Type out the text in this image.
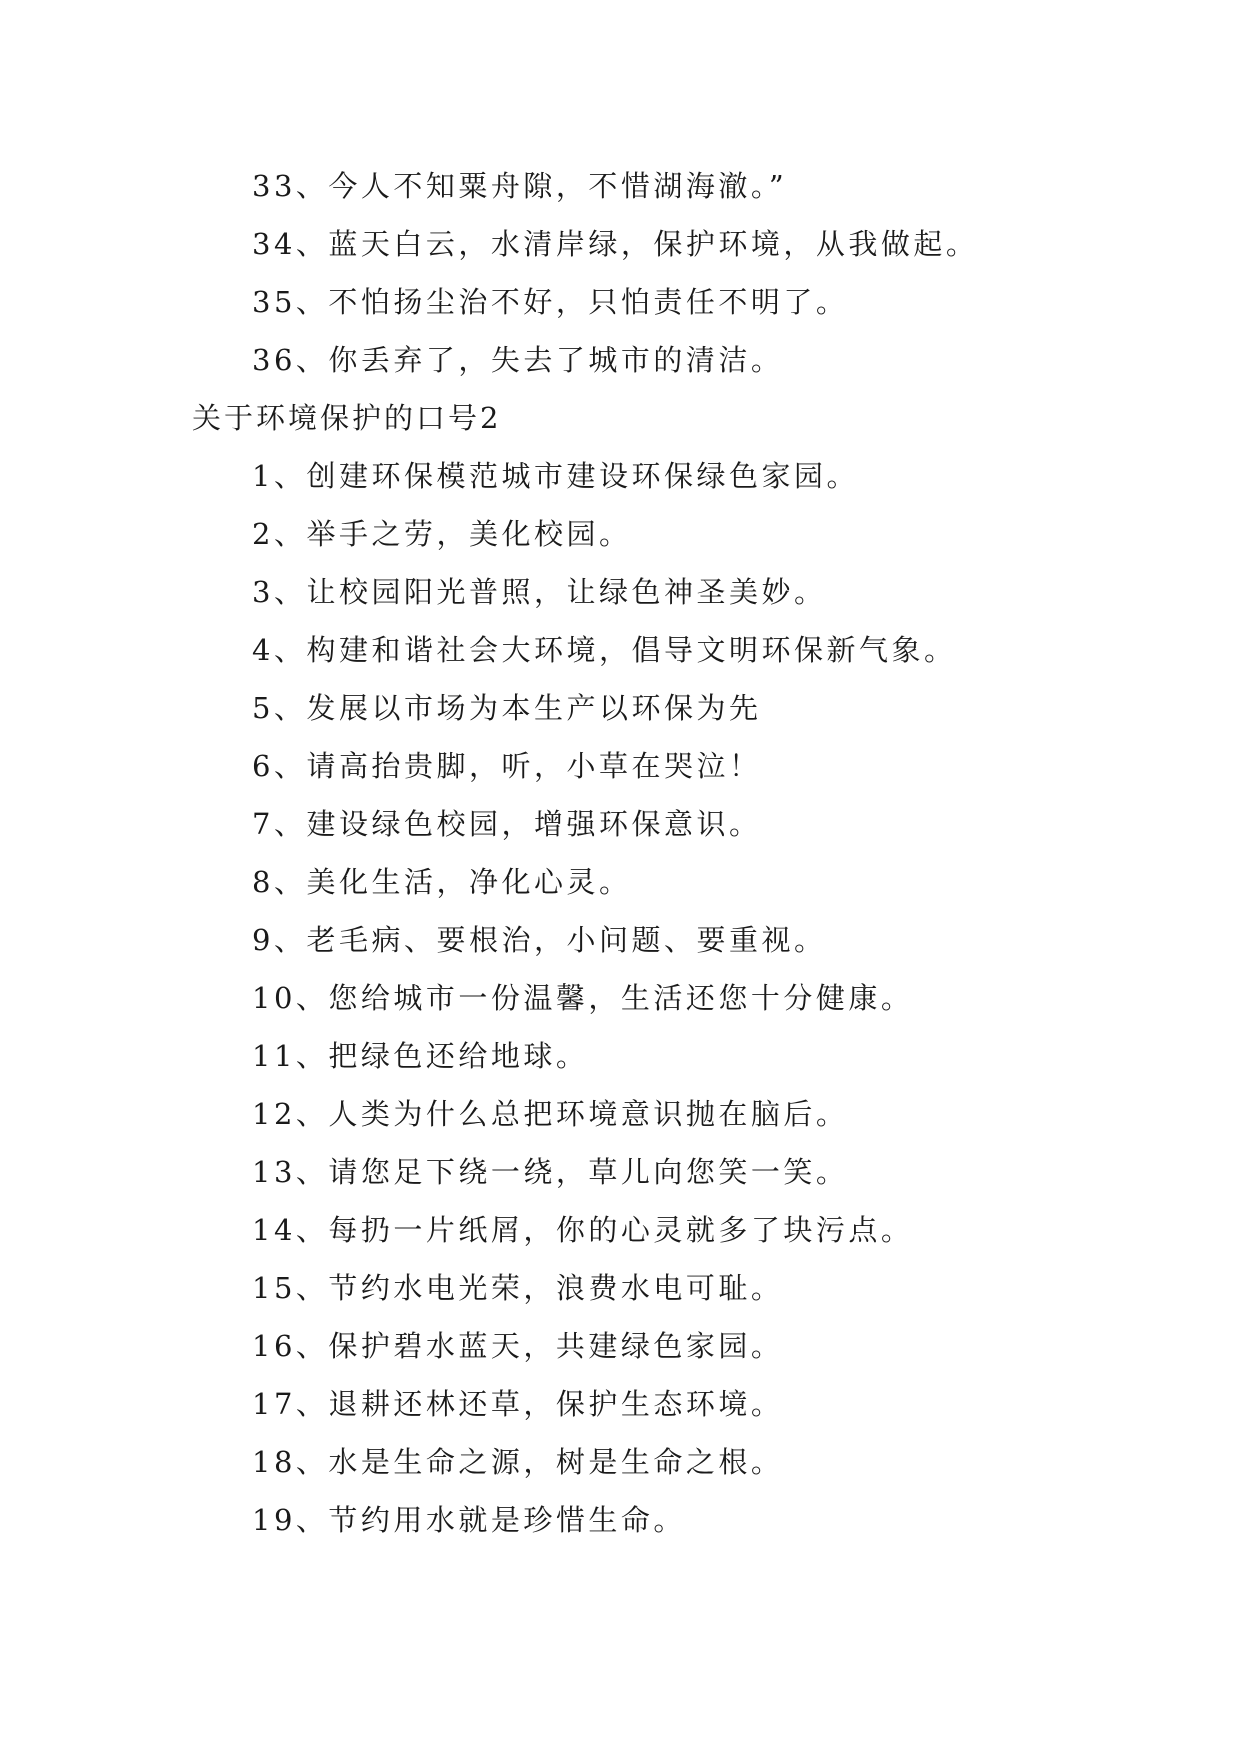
33、今人不知粟舟隙，不惜湖海澈。”
34、蓝天白云，水清岸绿，保护环境，从我做起。
35、不怕扬尘治不好，只怕责任不明了。
36、你丢弃了，失去了城市的清洁。
关于环境保护的口号2
1、创建环保模范城市建设环保绿色家园。
2、举手之劳，美化校园。
3、让校园阳光普照，让绿色神圣美妙。
4、构建和谐社会大环境，倡导文明环保新气象。
5、发展以市场为本生产以环保为先
6、请高抬贵脚，听，小草在哭泣！
7、建设绿色校园，增强环保意识。
8、美化生活，净化心灵。
9、老毛病、要根治，小问题、要重视。
10、您给城市一份温馨，生活还您十分健康。
11、把绿色还给地球。
12、人类为什么总把环境意识抛在脑后。
13、请您足下绕一绕，草儿向您笑一笑。
14、每扔一片纸屑，你的心灵就多了块污点。
15、节约水电光荣，浪费水电可耻。
16、保护碧水蓝天，共建绿色家园。
17、退耕还林还草，保护生态环境。
18、水是生命之源，树是生命之根。
19、节约用水就是珍惜生命。
